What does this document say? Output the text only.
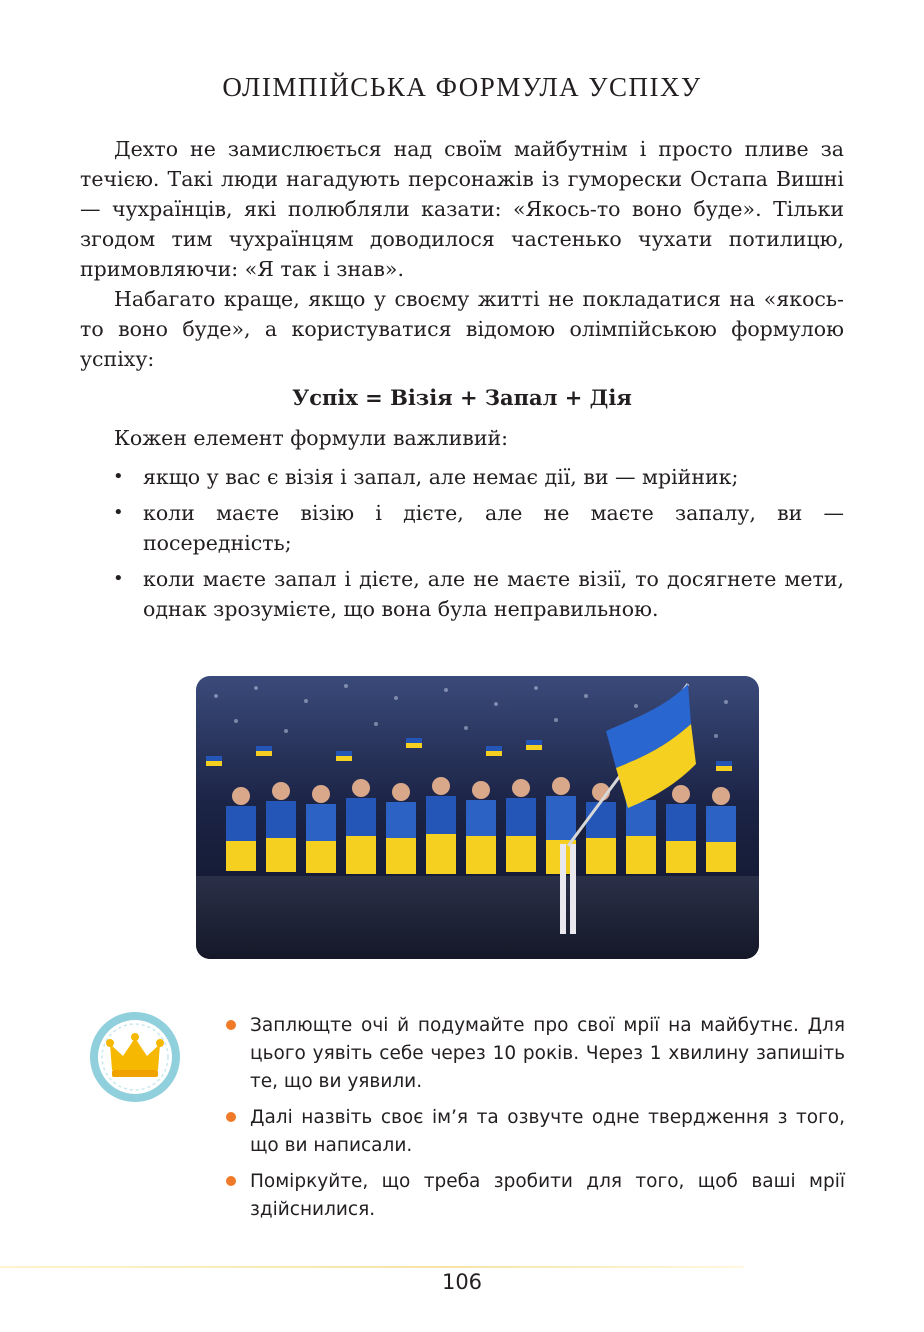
ОЛІМПІЙСЬКА ФОРМУЛА УСПІХУ

Дехто не замислюється над своїм майбутнім і просто пливе за течією. Такі люди нагадують персонажів із гуморески Остапа Вишні — чухраїнців, які полюбляли казати: «Якось-то воно буде». Тільки згодом тим чухраїнцям доводилося частенько чухати потилицю, примовляючи: «Я так і знав».

Набагато краще, якщо у своєму житті не покладатися на «якось-то воно буде», а користуватися відомою олімпійською формулою успіху:

Успіх = Візія + Запал + Дія
Кожен елемент формули важливий:
• якщо у вас є візія і запал, але немає дії, ви — мрійник;
• коли маєте візію і дієте, але не маєте запалу, ви — посередність;
• коли маєте запал і дієте, але не маєте візії, то досягнете мети, однак зрозумієте, що вона була неправильною.
Заплющте очі й подумайте про свої мрії на майбутнє. Для цього уявіть себе через 10 років. Через 1 хвилину запишіть те, що ви уявили.
Далі назвіть своє ім’я та озвучте одне твердження з того, що ви написали.
Поміркуйте, що треба зробити для того, щоб ваші мрії здійснилися.
106
